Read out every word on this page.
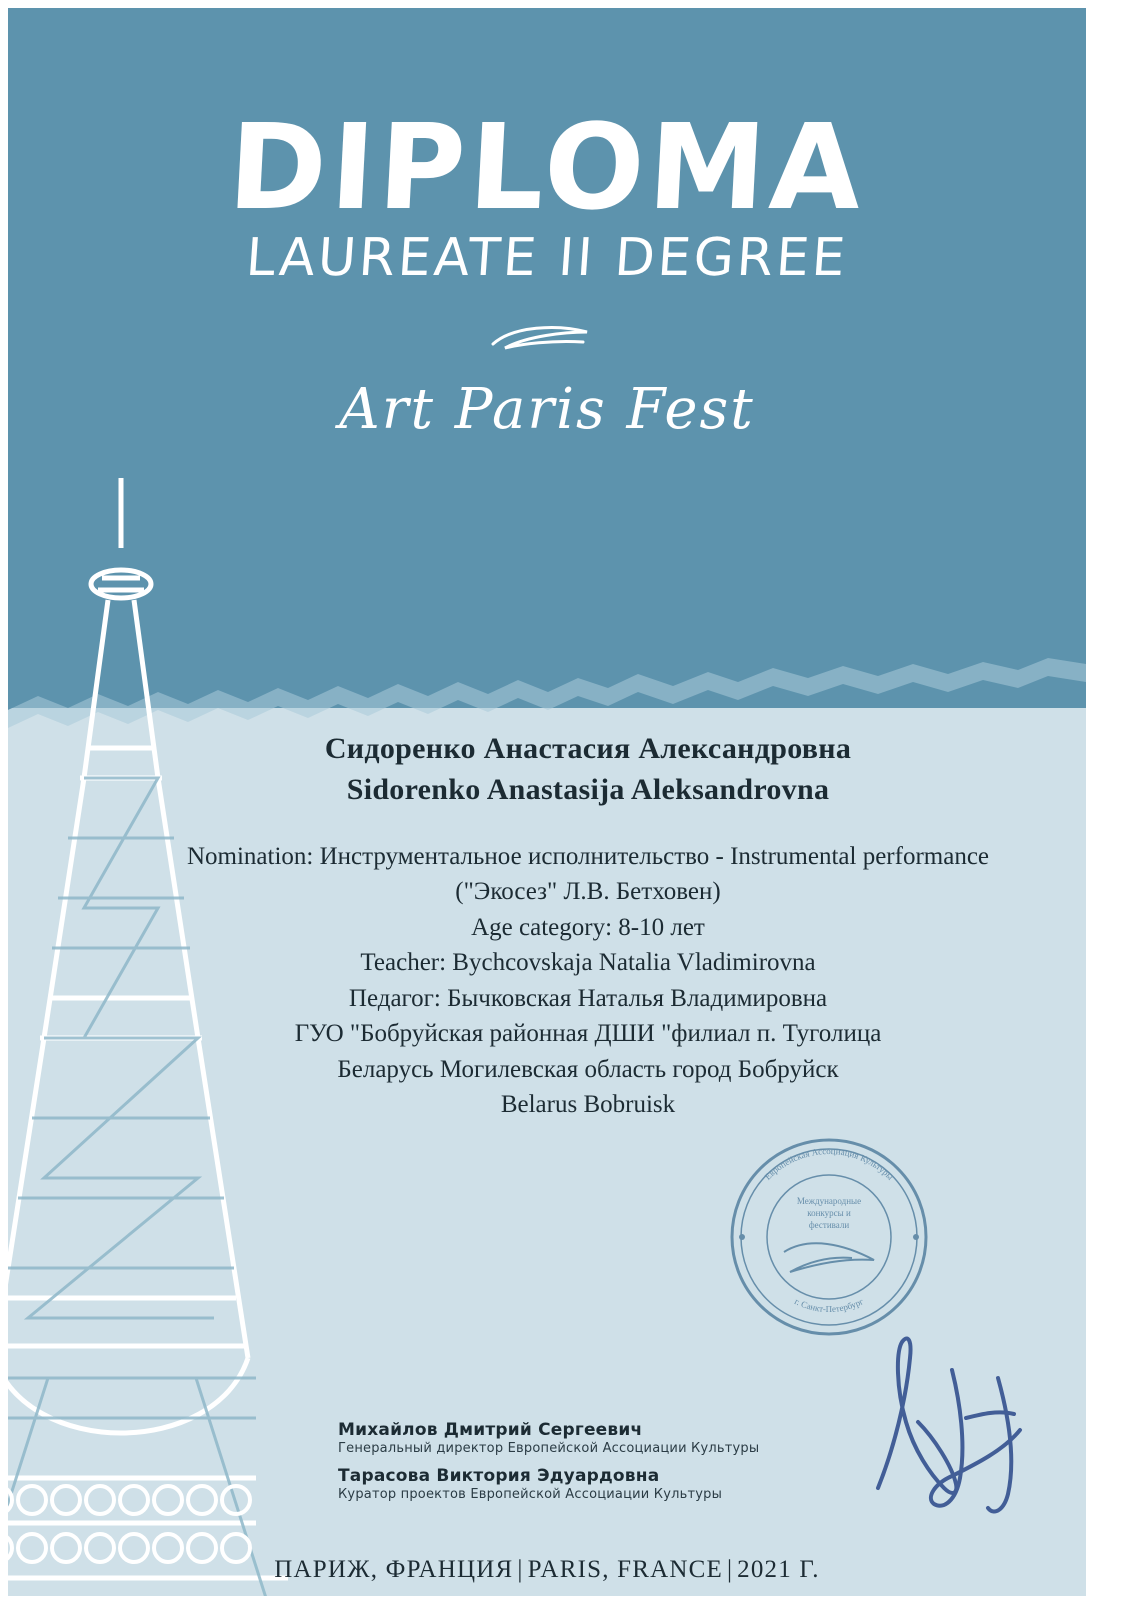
DIPLOMA
LAUREATE II DEGREE
Art Paris Fest
Сидоренко Анастасия Александровна
Sidorenko Anastasija Aleksandrovna
Nomination: Инструментальное исполнительство - Instrumental performance
("Экосез" Л.В. Бетховен)
Age category: 8-10 лет
Teacher: Bychcovskaja Natalia Vladimirovna
Педагог: Бычковская Наталья Владимировна
ГУО "Бобруйская районная ДШИ "филиал п. Туголица
Беларусь Могилевская область город Бобруйск
Belarus Bobruisk
Европейская Ассоциация Культуры
г. Санкт-Петербург
Международные
конкурсы и
фестивали
Михайлов Дмитрий Сергеевич
Генеральный директор Европейской Ассоциации Культуры
Тарасова Виктория Эдуардовна
Куратор проектов Европейской Ассоциации Культуры
ПАРИЖ, ФРАНЦИЯ | PARIS, FRANCE | 2021 Г.
